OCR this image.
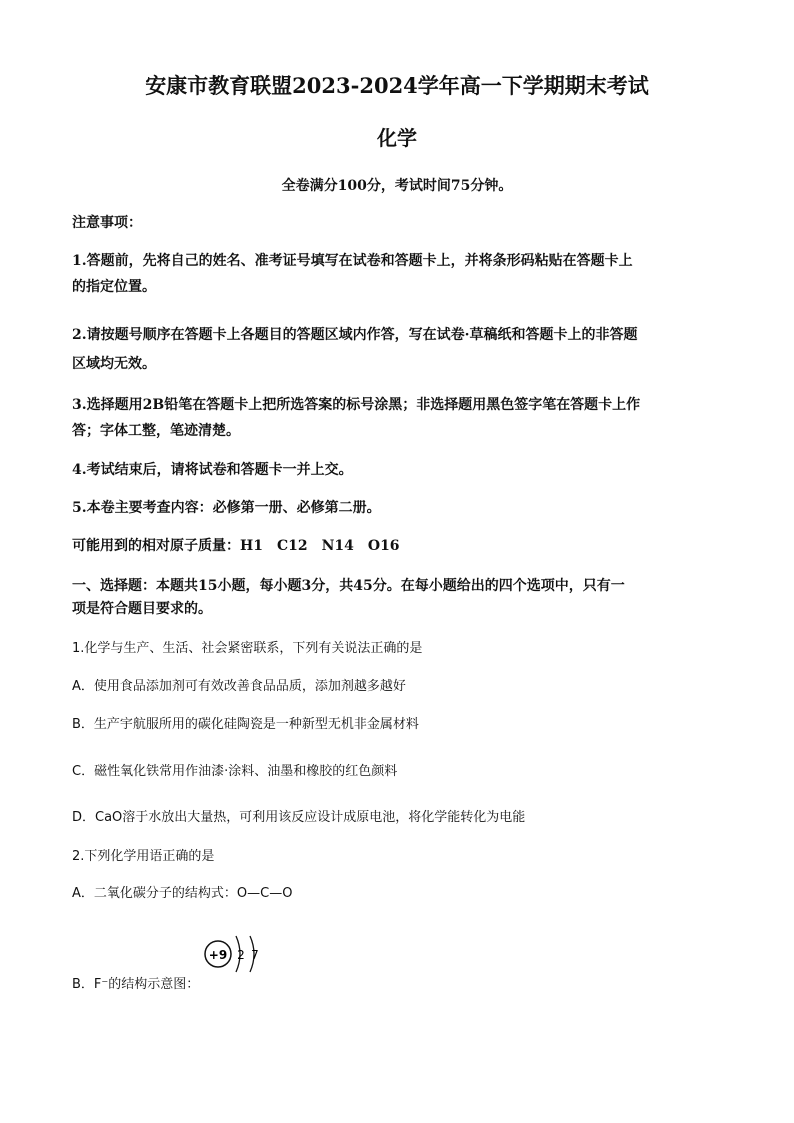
安康市教育联盟2023-2024学年高一下学期期末考试
化学
全卷满分100分，考试时间75分钟。
注意事项：
1.答题前，先将自己的姓名、准考证号填写在试卷和答题卡上，并将条形码粘贴在答题卡上
的指定位置。
2.请按题号顺序在答题卡上各题目的答题区域内作答，写在试卷·草稿纸和答题卡上的非答题
区域均无效。
3.选择题用2B铅笔在答题卡上把所选答案的标号涂黑；非选择题用黑色签字笔在答题卡上作
答；字体工整，笔迹清楚。
4.考试结束后，请将试卷和答题卡一并上交。
5.本卷主要考查内容：必修第一册、必修第二册。
可能用到的相对原子质量：H1　C12　N14　O16
一、选择题：本题共15小题，每小题3分，共45分。在每小题给出的四个选项中，只有一
项是符合题目要求的。
1.化学与生产、生活、社会紧密联系，下列有关说法正确的是
A．使用食品添加剂可有效改善食品品质，添加剂越多越好
B．生产宇航服所用的碳化硅陶瓷是一种新型无机非金属材料
C．磁性氧化铁常用作油漆·涂料、油墨和橡胶的红色颜料
D．CaO溶于水放出大量热，可利用该反应设计成原电池，将化学能转化为电能
2.下列化学用语正确的是
A．二氧化碳分子的结构式：O—C—O
B．F⁻的结构示意图：
+9 2 7
